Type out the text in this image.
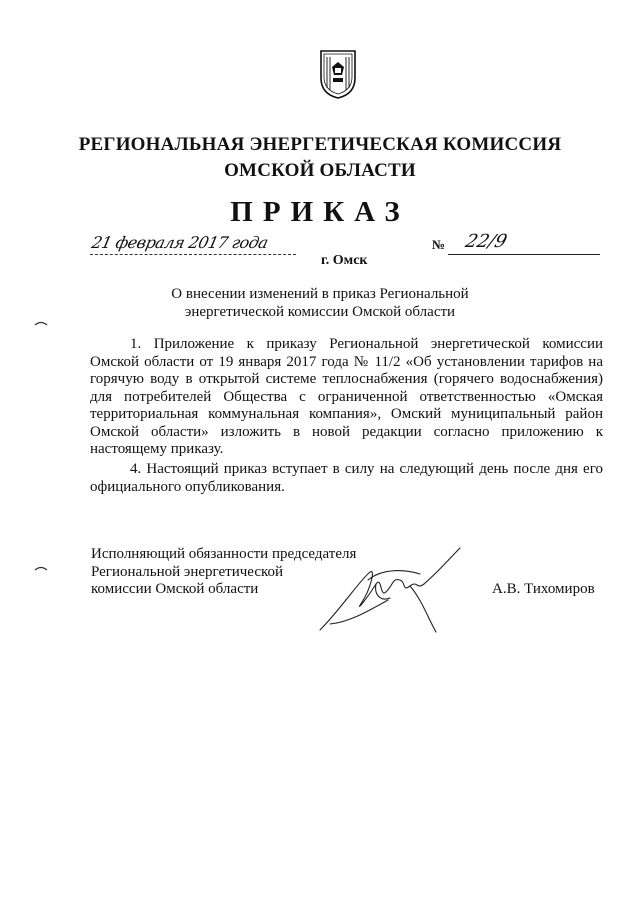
РЕГИОНАЛЬНАЯ ЭНЕРГЕТИЧЕСКАЯ КОМИССИЯ
ОМСКОЙ ОБЛАСТИ
ПРИКАЗ
21 февраля 2017 года
г. Омск
№ 22/9
О внесении изменений в приказ Региональной
энергетической комиссии Омской области
1. Приложение к приказу Региональной энергетической комиссии Омской области от 19 января 2017 года № 11/2 «Об установлении тарифов на горячую воду в открытой системе теплоснабжения (горячего водоснабжения) для потребителей Общества с ограниченной ответственностью «Омская территориальная коммунальная компания», Омский муниципальный район Омской области» изложить в новой редакции согласно приложению к настоящему приказу.
4. Настоящий приказ вступает в силу на следующий день после дня его официального опубликования.
Исполняющий обязанности председателя
Региональной энергетической
комиссии Омской области	А.В. Тихомиров
